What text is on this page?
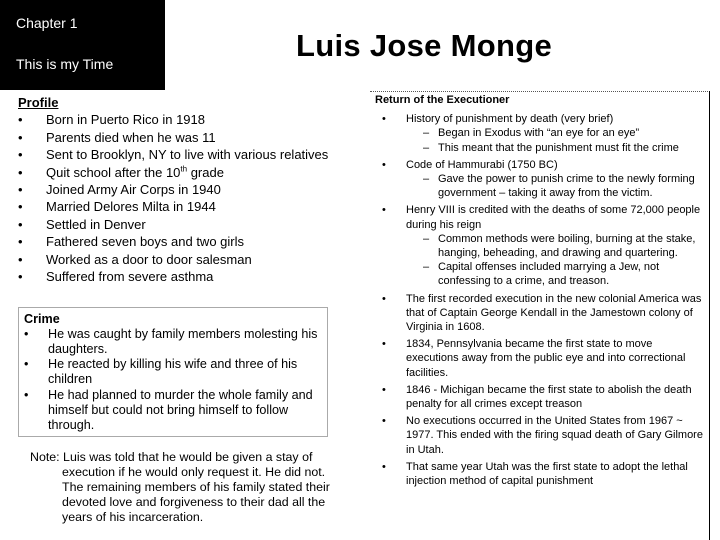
Chapter 1
This is my Time
Luis Jose Monge
Profile
• Born in Puerto Rico in 1918
• Parents died when he was 11
• Sent to Brooklyn, NY to live with various relatives
• Quit school after the 10th grade
• Joined Army Air Corps in 1940
• Married Delores Milta in 1944
• Settled in Denver
• Fathered seven boys and two girls
• Worked as a door to door salesman
• Suffered from severe asthma
Crime
• He was caught by family members molesting his daughters.
• He reacted by killing his wife and three of his children
• He had planned to murder the whole family and himself but could not bring himself to follow through.
Note: Luis was told that he would be given a stay of execution if he would only request it. He did not. The remaining members of his family stated their devoted love and forgiveness to their dad all the years of his incarceration.
Return of the Executioner
• History of punishment by death (very brief)
– Began in Exodus with “an eye for an eye”
– This meant that the punishment must fit the crime
• Code of Hammurabi (1750 BC)
– Gave the power to punish crime to the newly forming government – taking it away from the victim.
• Henry VIII is credited with the deaths of some 72,000 people during his reign
– Common methods were boiling, burning at the stake, hanging, beheading, and drawing and quartering.
– Capital offenses included marrying a Jew, not confessing to a crime, and treason.
• The first recorded execution in the new colonial America was that of Captain George Kendall in the Jamestown colony of Virginia in 1608.
• 1834, Pennsylvania became the first state to move executions away from the public eye and into correctional facilities.
• 1846 - Michigan became the first state to abolish the death penalty for all crimes except treason
• No executions occurred in the United States from 1967 ~ 1977. This ended with the firing squad death of Gary Gilmore in Utah.
• That same year Utah was the first state to adopt the lethal injection method of capital punishment
